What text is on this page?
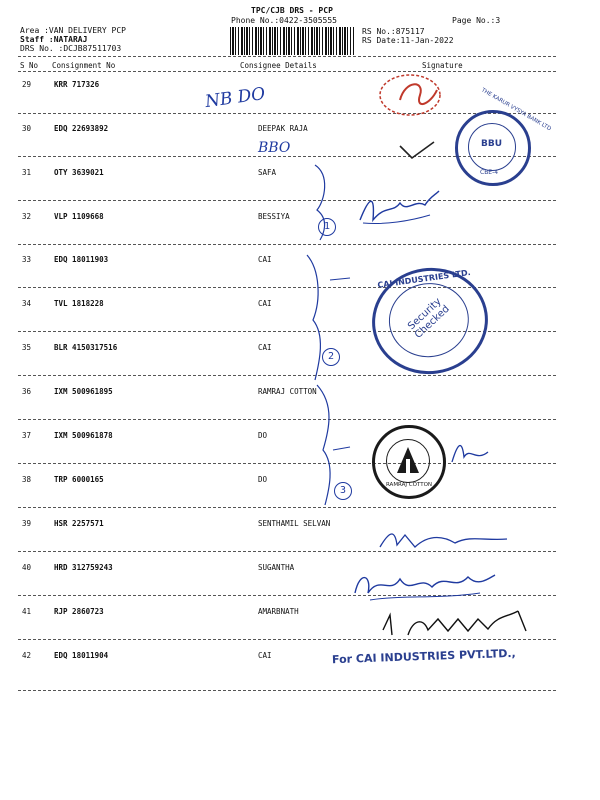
TPC/CJB DRS - PCP
Phone No.:0422-3505555	Page No.:3
Area :VAN DELIVERY PCP
Staff :NATARAJ
DRS No. :DCJB87511703
RS No.:875117
RS Date:11-Jan-2022
S No Consignment No	Consignee Details	Signature
29	KRR 717326
30	EDQ 22693892	DEEPAK RAJA
31	OTY 3639021	SAFA
32	VLP 1109668	BESSIYA
33	EDQ 18011903	CAI
34	TVL 1818228	CAI
35	BLR 4150317516	CAI
36	IXM 500961895	RAMRAJ COTTON
37	IXM 500961878	DO
38	TRP 6000165	DO
39	HSR 2257571	SENTHAMIL SELVAN
40	HRD 312759243	SUGANTHA
41	RJP 2860723	AMARBNATH
42	EDQ 18011904	CAI
NB DO
BBO
1
2
3
BBU
THE KARUR VYSYA BANK LTD
CBE-4
CAI INDUSTRIES LTD.
Security Checked
RAMRAJ COTTON
For CAI INDUSTRIES PVT.LTD.,
